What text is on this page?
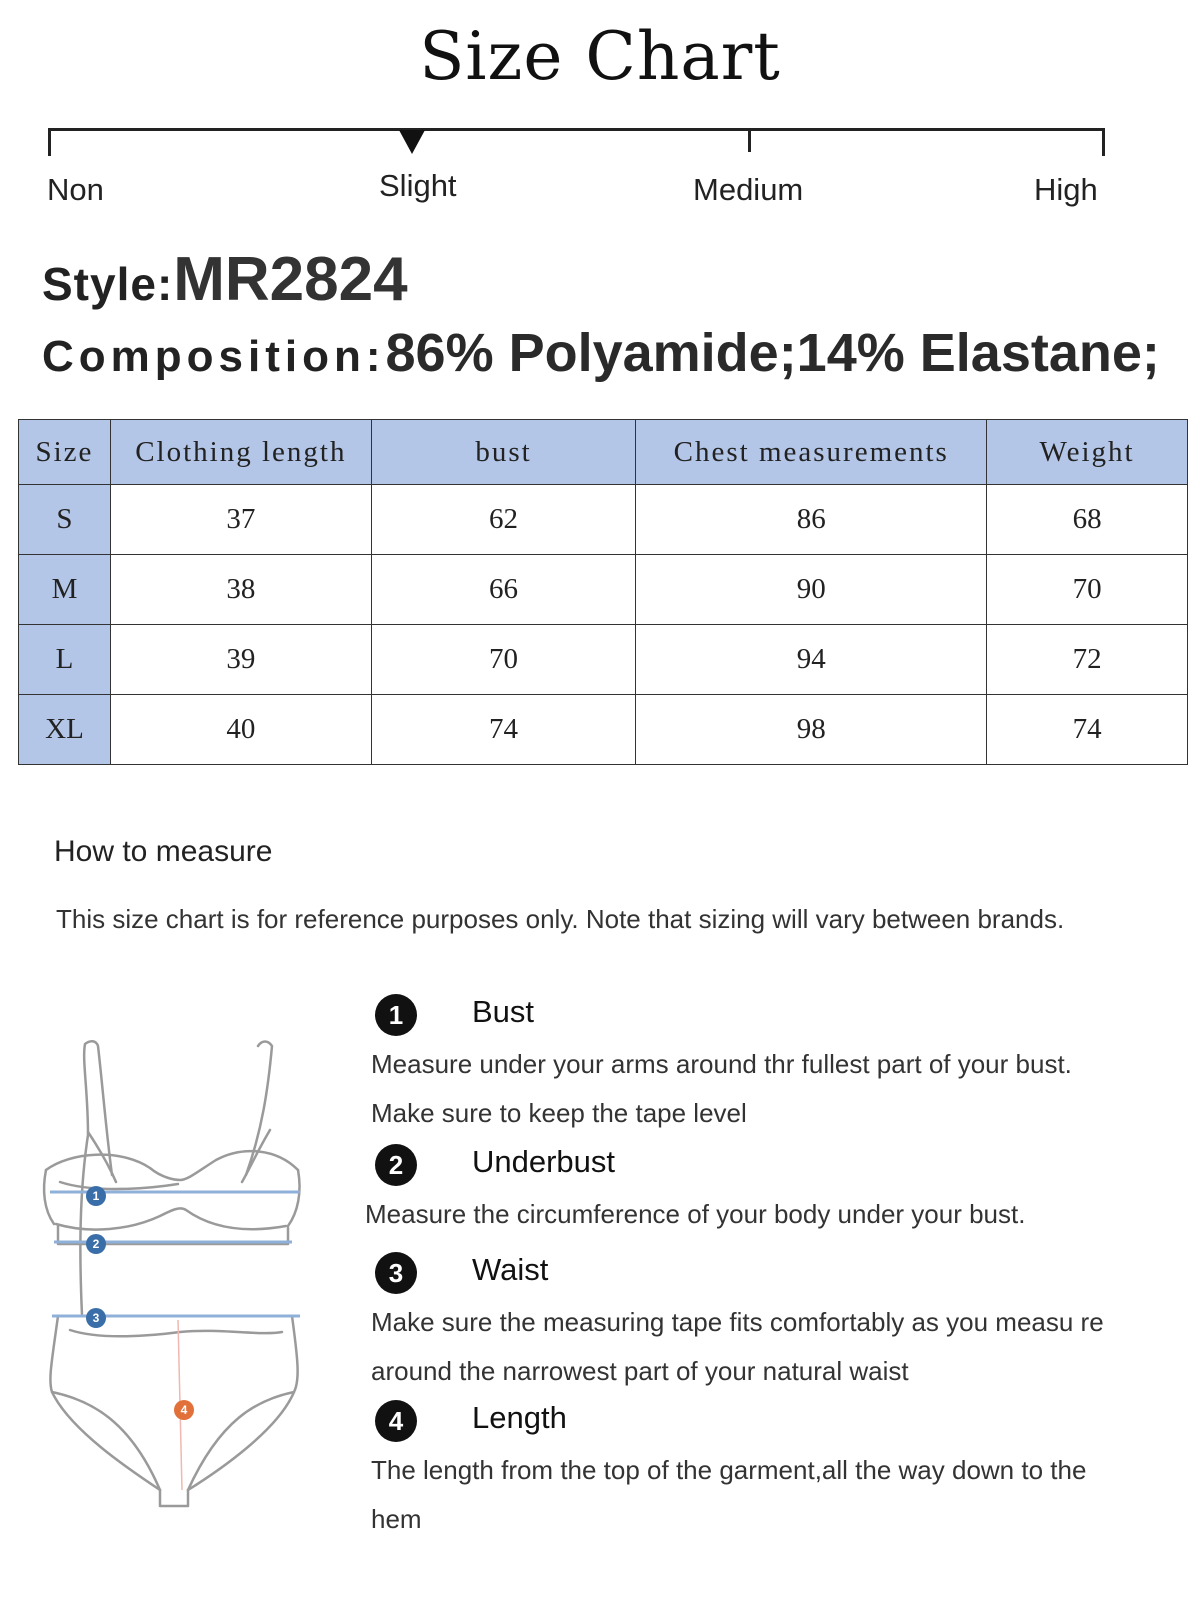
Size Chart
Non	Slight	Medium	High
Style:MR2824
Composition:86% Polyamide;14% Elastane;
Size	Clothing length	bust	Chest measurements	Weight
S	37	62	86	68
M	38	66	90	70
L	39	70	94	72
XL	40	74	98	74
How to measure
This size chart is for reference purposes only. Note that sizing will vary between brands.
1
2
3
4
1	Bust
Measure under your arms around thr fullest part of your bust. Make sure to keep the tape level
2	Underbust
Measure the circumference of your body under your bust.
3	Waist
Make sure the measuring tape fits comfortably as you measu re around the narrowest part of your natural waist
4	Length
The length from the top of the garment,all the way down to the hem
